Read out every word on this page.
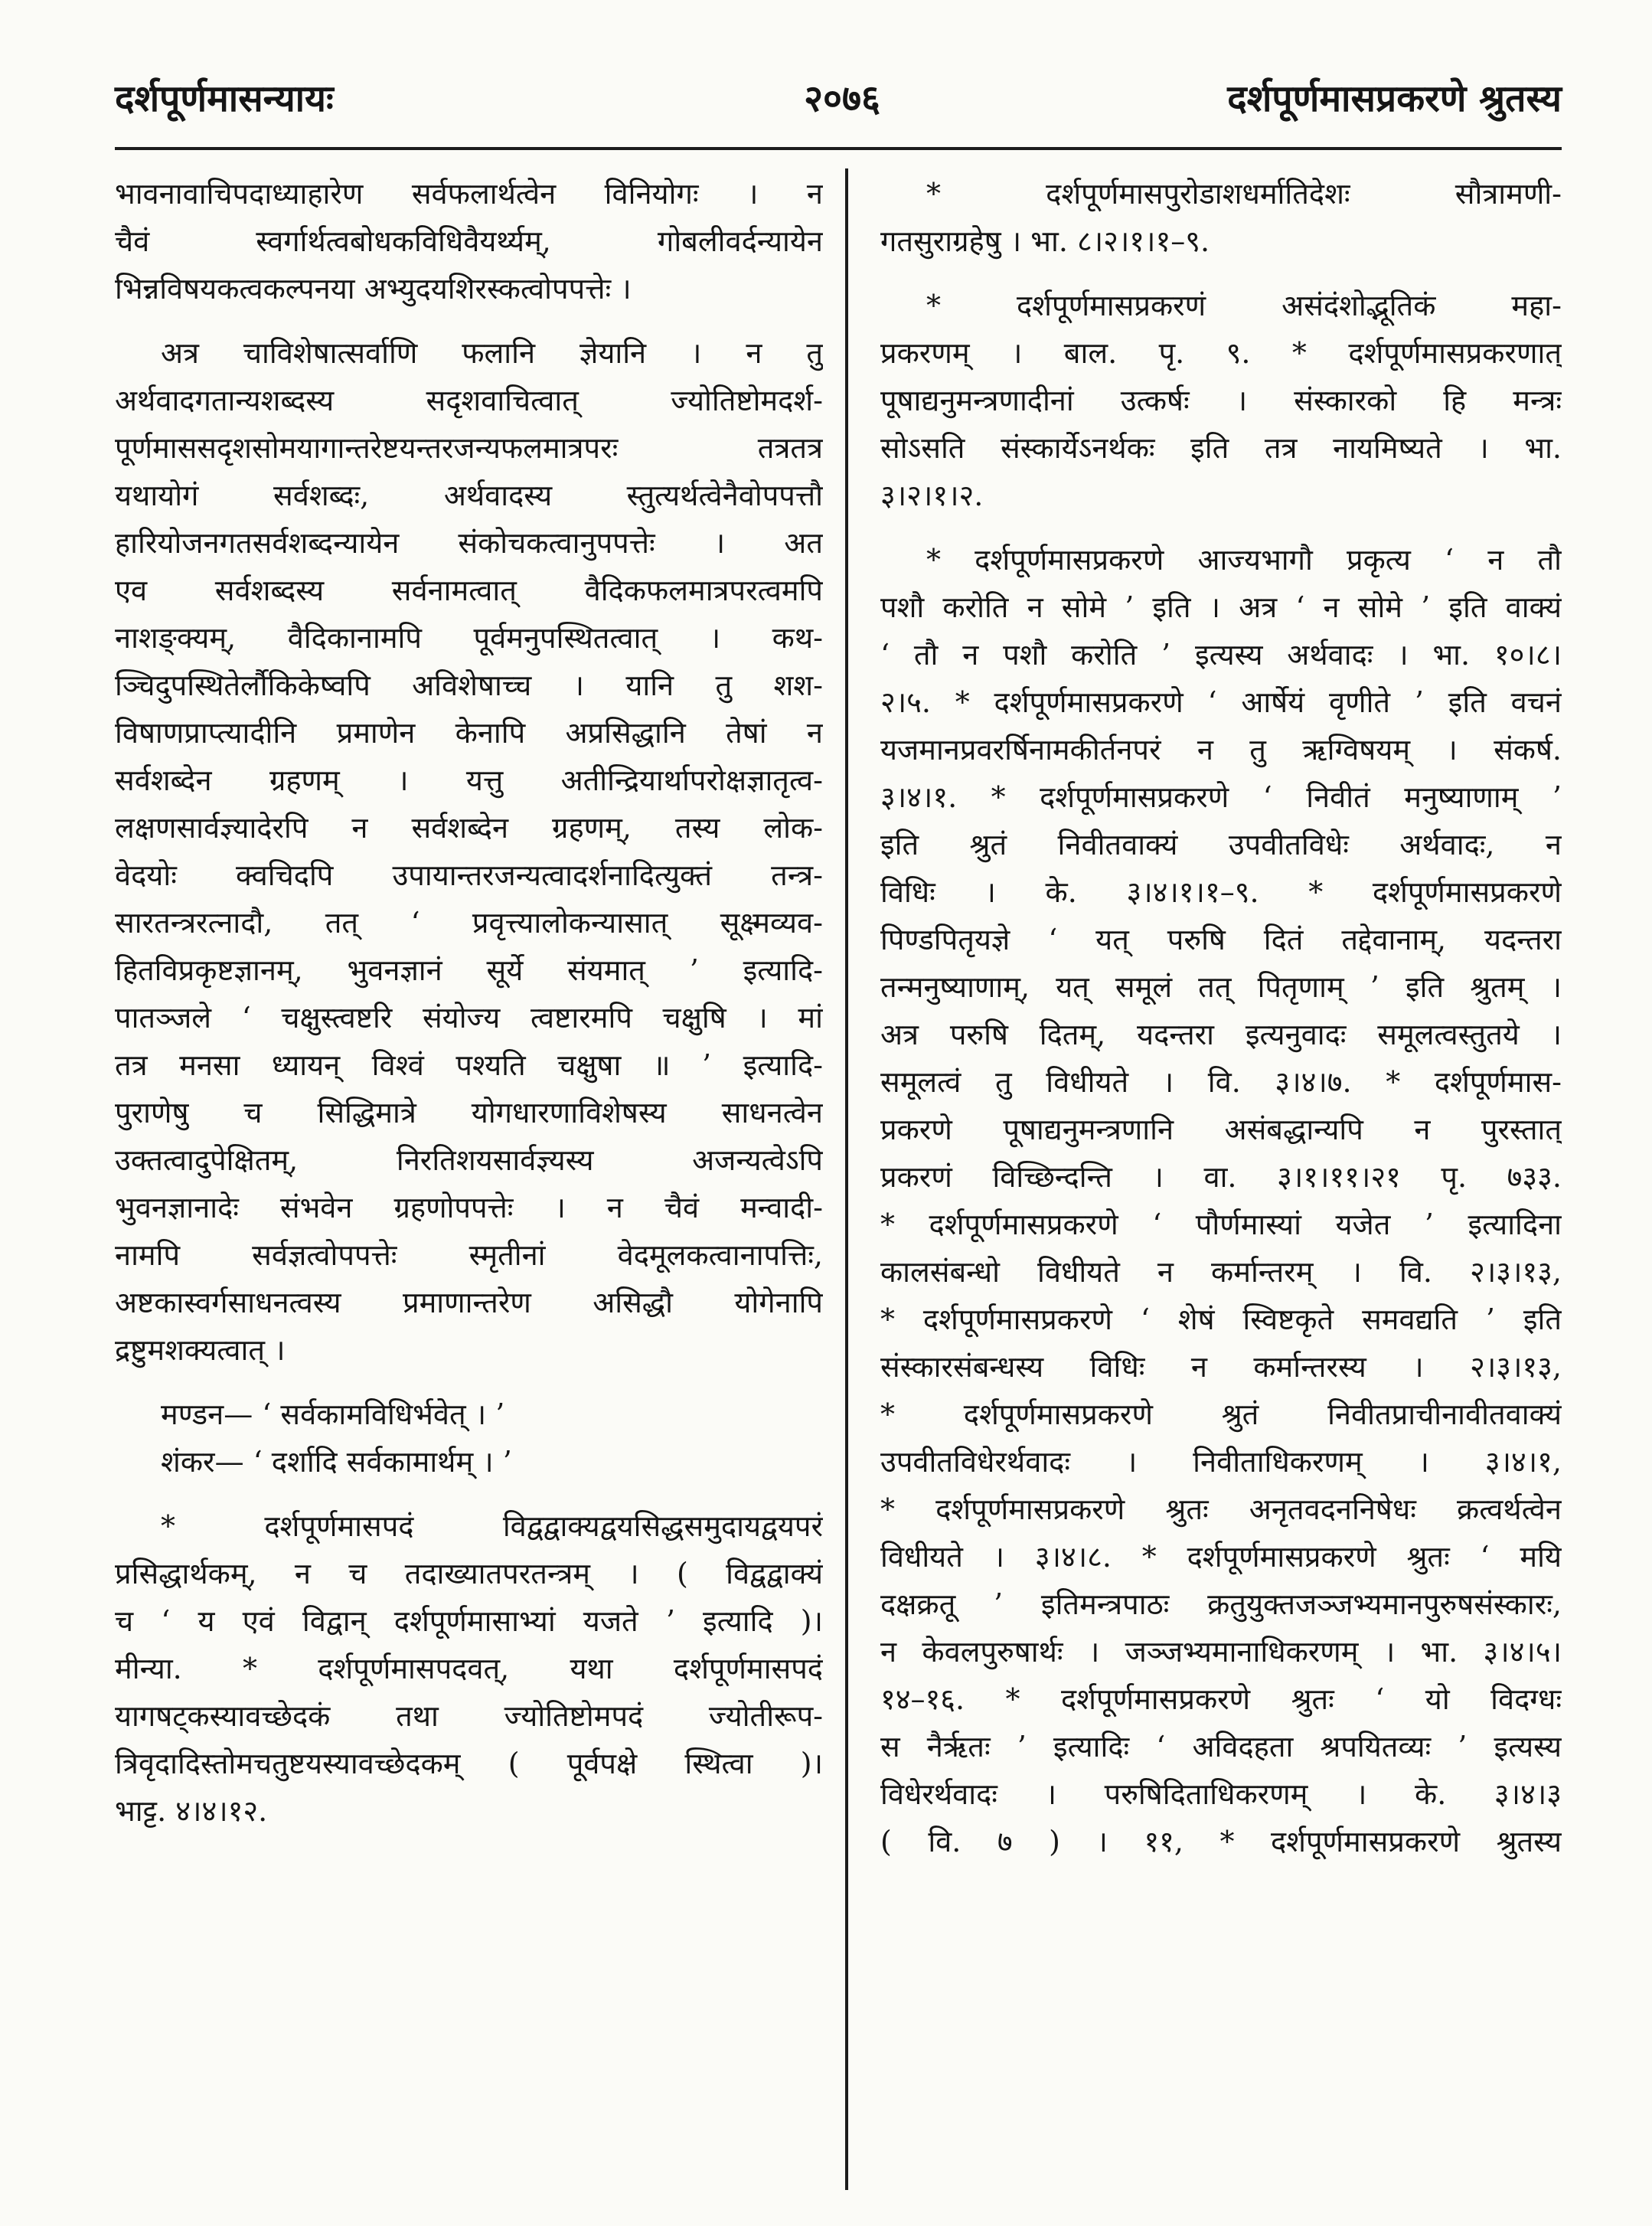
दर्शपूर्णमासन्यायः	२०७६	दर्शपूर्णमासप्रकरणे श्रुतस्य
भावनावाचिपदाध्याहारेण सर्वफलार्थत्वेन विनियोगः । न
चैवं स्वर्गार्थत्वबोधकविधिवैयर्थ्यम्, गोबलीवर्दन्यायेन
भिन्नविषयकत्वकल्पनया अभ्युदयशिरस्कत्वोपपत्तेः ।
अत्र चाविशेषात्सर्वाणि फलानि ज्ञेयानि । न तु
अर्थवादगतान्यशब्दस्य सदृशवाचित्वात् ज्योतिष्टोमदर्श-
पूर्णमाससदृशसोमयागान्तरेष्टयन्तरजन्यफलमात्रपरः तत्रतत्र
यथायोगं सर्वशब्दः, अर्थवादस्य स्तुत्यर्थत्वेनैवोपपत्तौ
हारियोजनगतसर्वशब्दन्यायेन संकोचकत्वानुपपत्तेः । अत
एव सर्वशब्दस्य सर्वनामत्वात् वैदिकफलमात्रपरत्वमपि
नाशङ्क्यम्, वैदिकानामपि पूर्वमनुपस्थितत्वात् । कथ-
ञ्चिदुपस्थितेर्लौकिकेष्वपि अविशेषाच्च । यानि तु शश-
विषाणप्राप्त्यादीनि प्रमाणेन केनापि अप्रसिद्धानि तेषां न
सर्वशब्देन ग्रहणम् । यत्तु अतीन्द्रियार्थापरोक्षज्ञातृत्व-
लक्षणसार्वज्ञ्यादेरपि न सर्वशब्देन ग्रहणम्, तस्य लोक-
वेदयोः क्वचिदपि उपायान्तरजन्यत्वादर्शनादित्युक्तं तन्त्र-
सारतन्त्ररत्नादौ, तत् ‘ प्रवृत्त्यालोकन्यासात् सूक्ष्मव्यव-
हितविप्रकृष्टज्ञानम्, भुवनज्ञानं सूर्ये संयमात् ’ इत्यादि-
पातञ्जले ‘ चक्षुस्त्वष्टरि संयोज्य त्वष्टारमपि चक्षुषि । मां
तत्र मनसा ध्यायन् विश्वं पश्यति चक्षुषा ॥ ’ इत्यादि-
पुराणेषु च सिद्धिमात्रे योगधारणाविशेषस्य साधनत्वेन
उक्तत्वादुपेक्षितम्, निरतिशयसार्वज्ञ्यस्य अजन्यत्वेऽपि
भुवनज्ञानादेः संभवेन ग्रहणोपपत्तेः । न चैवं मन्वादी-
नामपि सर्वज्ञत्वोपपत्तेः स्मृतीनां वेदमूलकत्वानापत्तिः,
अष्टकास्वर्गसाधनत्वस्य प्रमाणान्तरेण असिद्धौ योगेनापि
द्रष्टुमशक्यत्वात् ।
मण्डन— ‘ सर्वकामविधिर्भवेत् । ’
शंकर— ‘ दर्शादि सर्वकामार्थम् । ’
* दर्शपूर्णमासपदं विद्वद्वाक्यद्वयसिद्धसमुदायद्वयपरं
प्रसिद्धार्थकम्, न च तदाख्यातपरतन्त्रम् । ( विद्वद्वाक्यं
च ‘ य एवं विद्वान् दर्शपूर्णमासाभ्यां यजते ’ इत्यादि )।
मीन्या. * दर्शपूर्णमासपदवत्, यथा दर्शपूर्णमासपदं
यागषट्कस्यावच्छेदकं तथा ज्योतिष्टोमपदं ज्योतीरूप-
त्रिवृदादिस्तोमचतुष्टयस्यावच्छेदकम् ( पूर्वपक्षे स्थित्वा )।
भाट्ट. ४।४।१२.
* दर्शपूर्णमासपुरोडाशधर्मातिदेशः सौत्रामणी-
गतसुराग्रहेषु । भा. ८।२।१।१–९.
* दर्शपूर्णमासप्रकरणं असंदंशोद्भूतिकं महा-
प्रकरणम् । बाल. पृ. ९. * दर्शपूर्णमासप्रकरणात्
पूषाद्यनुमन्त्रणादीनां उत्कर्षः । संस्कारको हि मन्त्रः
सोऽसति संस्कार्येऽनर्थकः इति तत्र नायमिष्यते । भा.
३।२।१।२.
* दर्शपूर्णमासप्रकरणे आज्यभागौ प्रकृत्य ‘ न तौ
पशौ करोति न सोमे ’ इति । अत्र ‘ न सोमे ’ इति वाक्यं
‘ तौ न पशौ करोति ’ इत्यस्य अर्थवादः । भा. १०।८।
२।५. * दर्शपूर्णमासप्रकरणे ‘ आर्षेयं वृणीते ’ इति वचनं
यजमानप्रवरर्षिनामकीर्तनपरं न तु ऋग्विषयम् । संकर्ष.
३।४।१. * दर्शपूर्णमासप्रकरणे ‘ निवीतं मनुष्याणाम् ’
इति श्रुतं निवीतवाक्यं उपवीतविधेः अर्थवादः, न
विधिः । के. ३।४।१।१–९. * दर्शपूर्णमासप्रकरणे
पिण्डपितृयज्ञे ‘ यत् परुषि दितं तद्देवानाम्, यदन्तरा
तन्मनुष्याणाम्, यत् समूलं तत् पितृणाम् ’ इति श्रुतम् ।
अत्र परुषि दितम्, यदन्तरा इत्यनुवादः समूलत्वस्तुतये ।
समूलत्वं तु विधीयते । वि. ३।४।७. * दर्शपूर्णमास-
प्रकरणे पूषाद्यनुमन्त्रणानि असंबद्धान्यपि न पुरस्तात्
प्रकरणं विच्छिन्दन्ति । वा. ३।१।११।२१ पृ. ७३३.
* दर्शपूर्णमासप्रकरणे ‘ पौर्णमास्यां यजेत ’ इत्यादिना
कालसंबन्धो विधीयते न कर्मान्तरम् । वि. २।३।१३,
* दर्शपूर्णमासप्रकरणे ‘ शेषं स्विष्टकृते समवद्यति ’ इति
संस्कारसंबन्धस्य विधिः न कर्मान्तरस्य । २।३।१३,
* दर्शपूर्णमासप्रकरणे श्रुतं निवीतप्राचीनावीतवाक्यं
उपवीतविधेरर्थवादः । निवीताधिकरणम् । ३।४।१,
* दर्शपूर्णमासप्रकरणे श्रुतः अनृतवदननिषेधः क्रत्वर्थत्वेन
विधीयते । ३।४।८. * दर्शपूर्णमासप्रकरणे श्रुतः ‘ मयि
दक्षक्रतू ’ इतिमन्त्रपाठः क्रतुयुक्तजञ्जभ्यमानपुरुषसंस्कारः,
न केवलपुरुषार्थः । जञ्जभ्यमानाधिकरणम् । भा. ३।४।५।
१४–१६. * दर्शपूर्णमासप्रकरणे श्रुतः ‘ यो विदग्धः
स नैर्ऋतः ’ इत्यादिः ‘ अविदहता श्रपयितव्यः ’ इत्यस्य
विधेरर्थवादः । परुषिदिताधिकरणम् । के. ३।४।३
( वि. ७ ) । ११, * दर्शपूर्णमासप्रकरणे श्रुतस्य
